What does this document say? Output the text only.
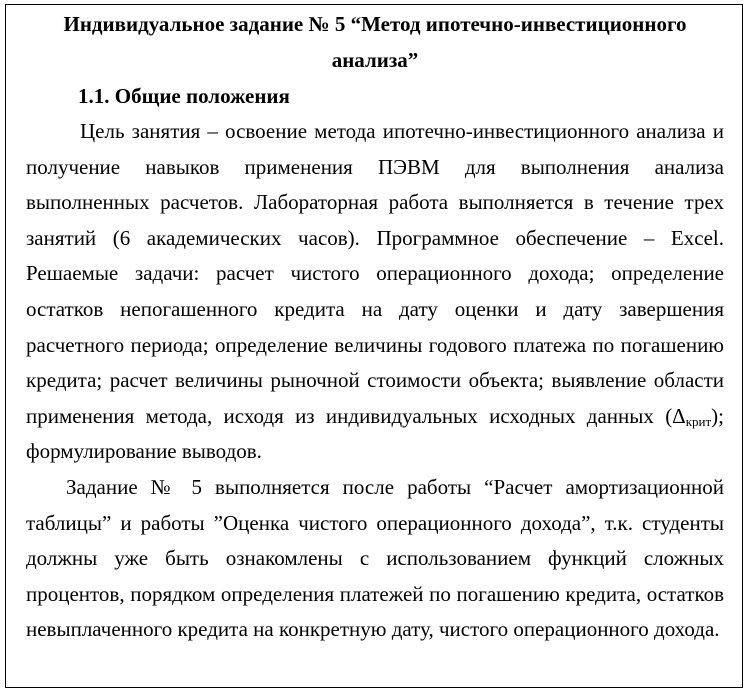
Индивидуальное задание № 5 “Метод ипотечно-инвестиционного анализа”

1.1. Общие положения

Цель занятия – освоение метода ипотечно-инвестиционного анализа и получение навыков применения ПЭВМ для выполнения анализа выполненных расчетов. Лабораторная работа выполняется в течение трех занятий (6 академических часов). Программное обеспечение – Excel. Решаемые задачи: расчет чистого операционного дохода; определение остатков непогашенного кредита на дату оценки и дату завершения расчетного периода; определение величины годового платежа по погашению кредита; расчет величины рыночной стоимости объекта; выявление области применения метода, исходя из индивидуальных исходных данных $(\Delta_{крит})$; формулирование выводов.

Задание № 5 выполняется после работы “Расчет амортизационной таблицы” и работы ”Оценка чистого операционного дохода”, т.к. студенты должны уже быть ознакомлены с использованием функций сложных процентов, порядком определения платежей по погашению кредита, остатков невыплаченного кредита на конкретную дату, чистого операционного дохода.
